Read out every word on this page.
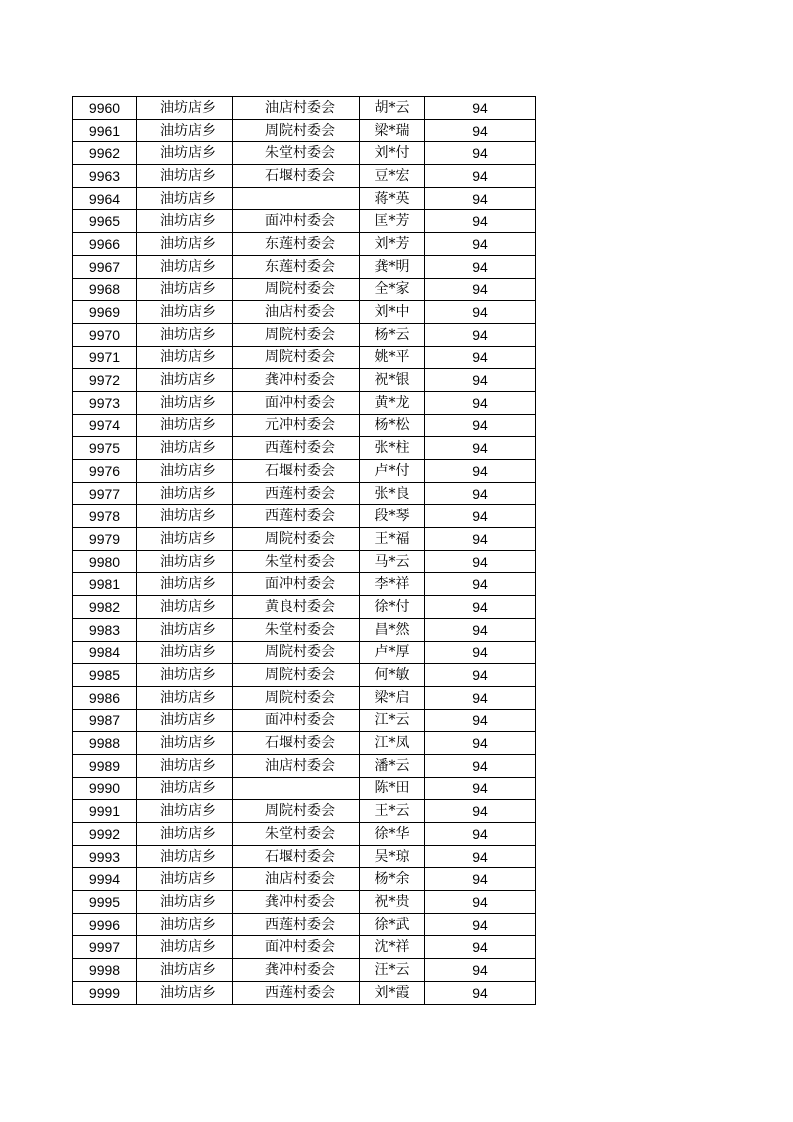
9960	油坊店乡	油店村委会	胡*云	94
9961	油坊店乡	周院村委会	梁*瑞	94
9962	油坊店乡	朱堂村委会	刘*付	94
9963	油坊店乡	石堰村委会	豆*宏	94
9964	油坊店乡		蒋*英	94
9965	油坊店乡	面冲村委会	匡*芳	94
9966	油坊店乡	东莲村委会	刘*芳	94
9967	油坊店乡	东莲村委会	龚*明	94
9968	油坊店乡	周院村委会	全*家	94
9969	油坊店乡	油店村委会	刘*中	94
9970	油坊店乡	周院村委会	杨*云	94
9971	油坊店乡	周院村委会	姚*平	94
9972	油坊店乡	龚冲村委会	祝*银	94
9973	油坊店乡	面冲村委会	黄*龙	94
9974	油坊店乡	元冲村委会	杨*松	94
9975	油坊店乡	西莲村委会	张*柱	94
9976	油坊店乡	石堰村委会	卢*付	94
9977	油坊店乡	西莲村委会	张*良	94
9978	油坊店乡	西莲村委会	段*琴	94
9979	油坊店乡	周院村委会	王*福	94
9980	油坊店乡	朱堂村委会	马*云	94
9981	油坊店乡	面冲村委会	李*祥	94
9982	油坊店乡	黄良村委会	徐*付	94
9983	油坊店乡	朱堂村委会	昌*然	94
9984	油坊店乡	周院村委会	卢*厚	94
9985	油坊店乡	周院村委会	何*敏	94
9986	油坊店乡	周院村委会	梁*启	94
9987	油坊店乡	面冲村委会	江*云	94
9988	油坊店乡	石堰村委会	江*凤	94
9989	油坊店乡	油店村委会	潘*云	94
9990	油坊店乡		陈*田	94
9991	油坊店乡	周院村委会	王*云	94
9992	油坊店乡	朱堂村委会	徐*华	94
9993	油坊店乡	石堰村委会	吴*琼	94
9994	油坊店乡	油店村委会	杨*余	94
9995	油坊店乡	龚冲村委会	祝*贵	94
9996	油坊店乡	西莲村委会	徐*武	94
9997	油坊店乡	面冲村委会	沈*祥	94
9998	油坊店乡	龚冲村委会	汪*云	94
9999	油坊店乡	西莲村委会	刘*霞	94
